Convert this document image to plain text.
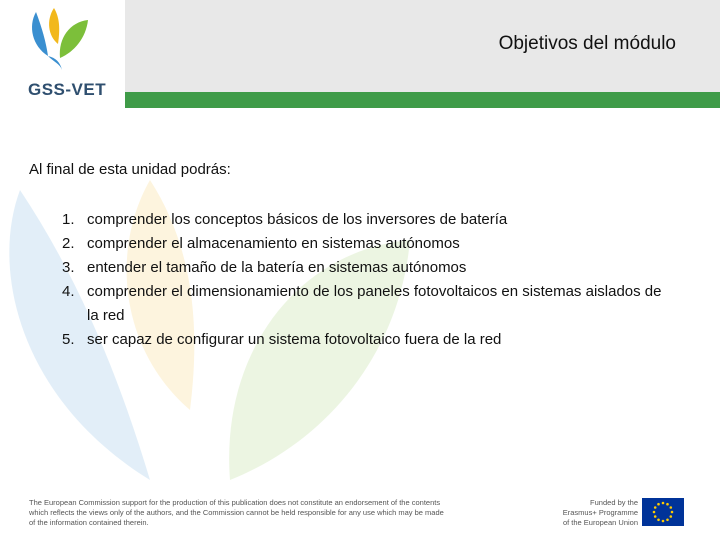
GSS-VET
Objetivos del módulo
Al final de esta unidad podrás:
1. comprender los conceptos básicos de los inversores de batería
2. comprender el almacenamiento en sistemas autónomos
3. entender el tamaño de la batería en sistemas autónomos
4. comprender el dimensionamiento de los paneles fotovoltaicos en sistemas aislados de la red
5. ser capaz de configurar un sistema fotovoltaico fuera de la red
The European Commission support for the production of this publication does not constitute an endorsement of the contents which reflects the views only of the authors, and the Commission cannot be held responsible for any use which may be made of the information contained therein.
Funded by the
Erasmus+ Programme
of the European Union
